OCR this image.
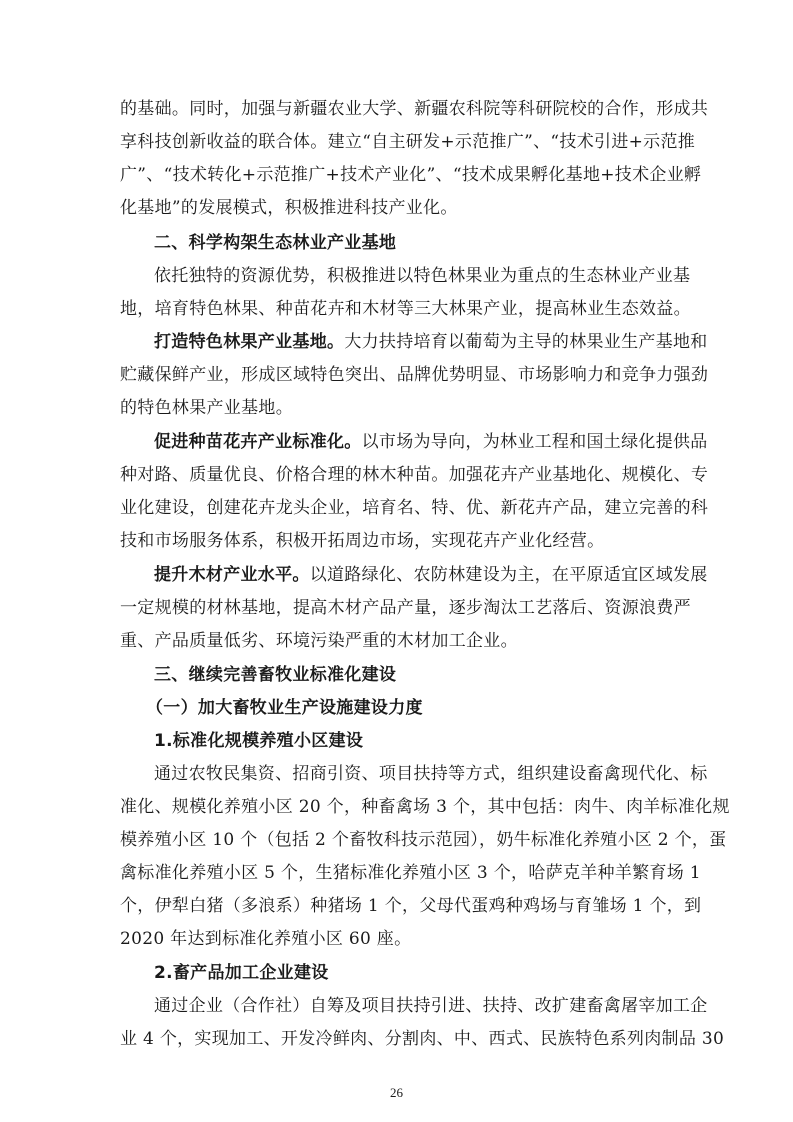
的基础。同时，加强与新疆农业大学、新疆农科院等科研院校的合作，形成共
享科技创新收益的联合体。建立“自主研发+示范推广”、“技术引进+示范推
广”、“技术转化+示范推广+技术产业化”、“技术成果孵化基地+技术企业孵
化基地”的发展模式，积极推进科技产业化。
二、科学构架生态林业产业基地
依托独特的资源优势，积极推进以特色林果业为重点的生态林业产业基
地，培育特色林果、种苗花卉和木材等三大林果产业，提高林业生态效益。
打造特色林果产业基地。大力扶持培育以葡萄为主导的林果业生产基地和
贮藏保鲜产业，形成区域特色突出、品牌优势明显、市场影响力和竞争力强劲
的特色林果产业基地。
促进种苗花卉产业标准化。以市场为导向，为林业工程和国土绿化提供品
种对路、质量优良、价格合理的林木种苗。加强花卉产业基地化、规模化、专
业化建设，创建花卉龙头企业，培育名、特、优、新花卉产品，建立完善的科
技和市场服务体系，积极开拓周边市场，实现花卉产业化经营。
提升木材产业水平。以道路绿化、农防林建设为主，在平原适宜区域发展
一定规模的材林基地，提高木材产品产量，逐步淘汰工艺落后、资源浪费严
重、产品质量低劣、环境污染严重的木材加工企业。
三、继续完善畜牧业标准化建设
（一）加大畜牧业生产设施建设力度
1.标准化规模养殖小区建设
通过农牧民集资、招商引资、项目扶持等方式，组织建设畜禽现代化、标
准化、规模化养殖小区 20 个，种畜禽场 3 个，其中包括：肉牛、肉羊标准化规
模养殖小区 10 个（包括 2 个畜牧科技示范园），奶牛标准化养殖小区 2 个，蛋
禽标准化养殖小区 5 个，生猪标准化养殖小区 3 个，哈萨克羊种羊繁育场 1
个，伊犁白猪（多浪系）种猪场 1 个，父母代蛋鸡种鸡场与育雏场 1 个，到
2020 年达到标准化养殖小区 60 座。
2.畜产品加工企业建设
通过企业（合作社）自筹及项目扶持引进、扶持、改扩建畜禽屠宰加工企
业 4 个，实现加工、开发冷鲜肉、分割肉、中、西式、民族特色系列肉制品 30
26
